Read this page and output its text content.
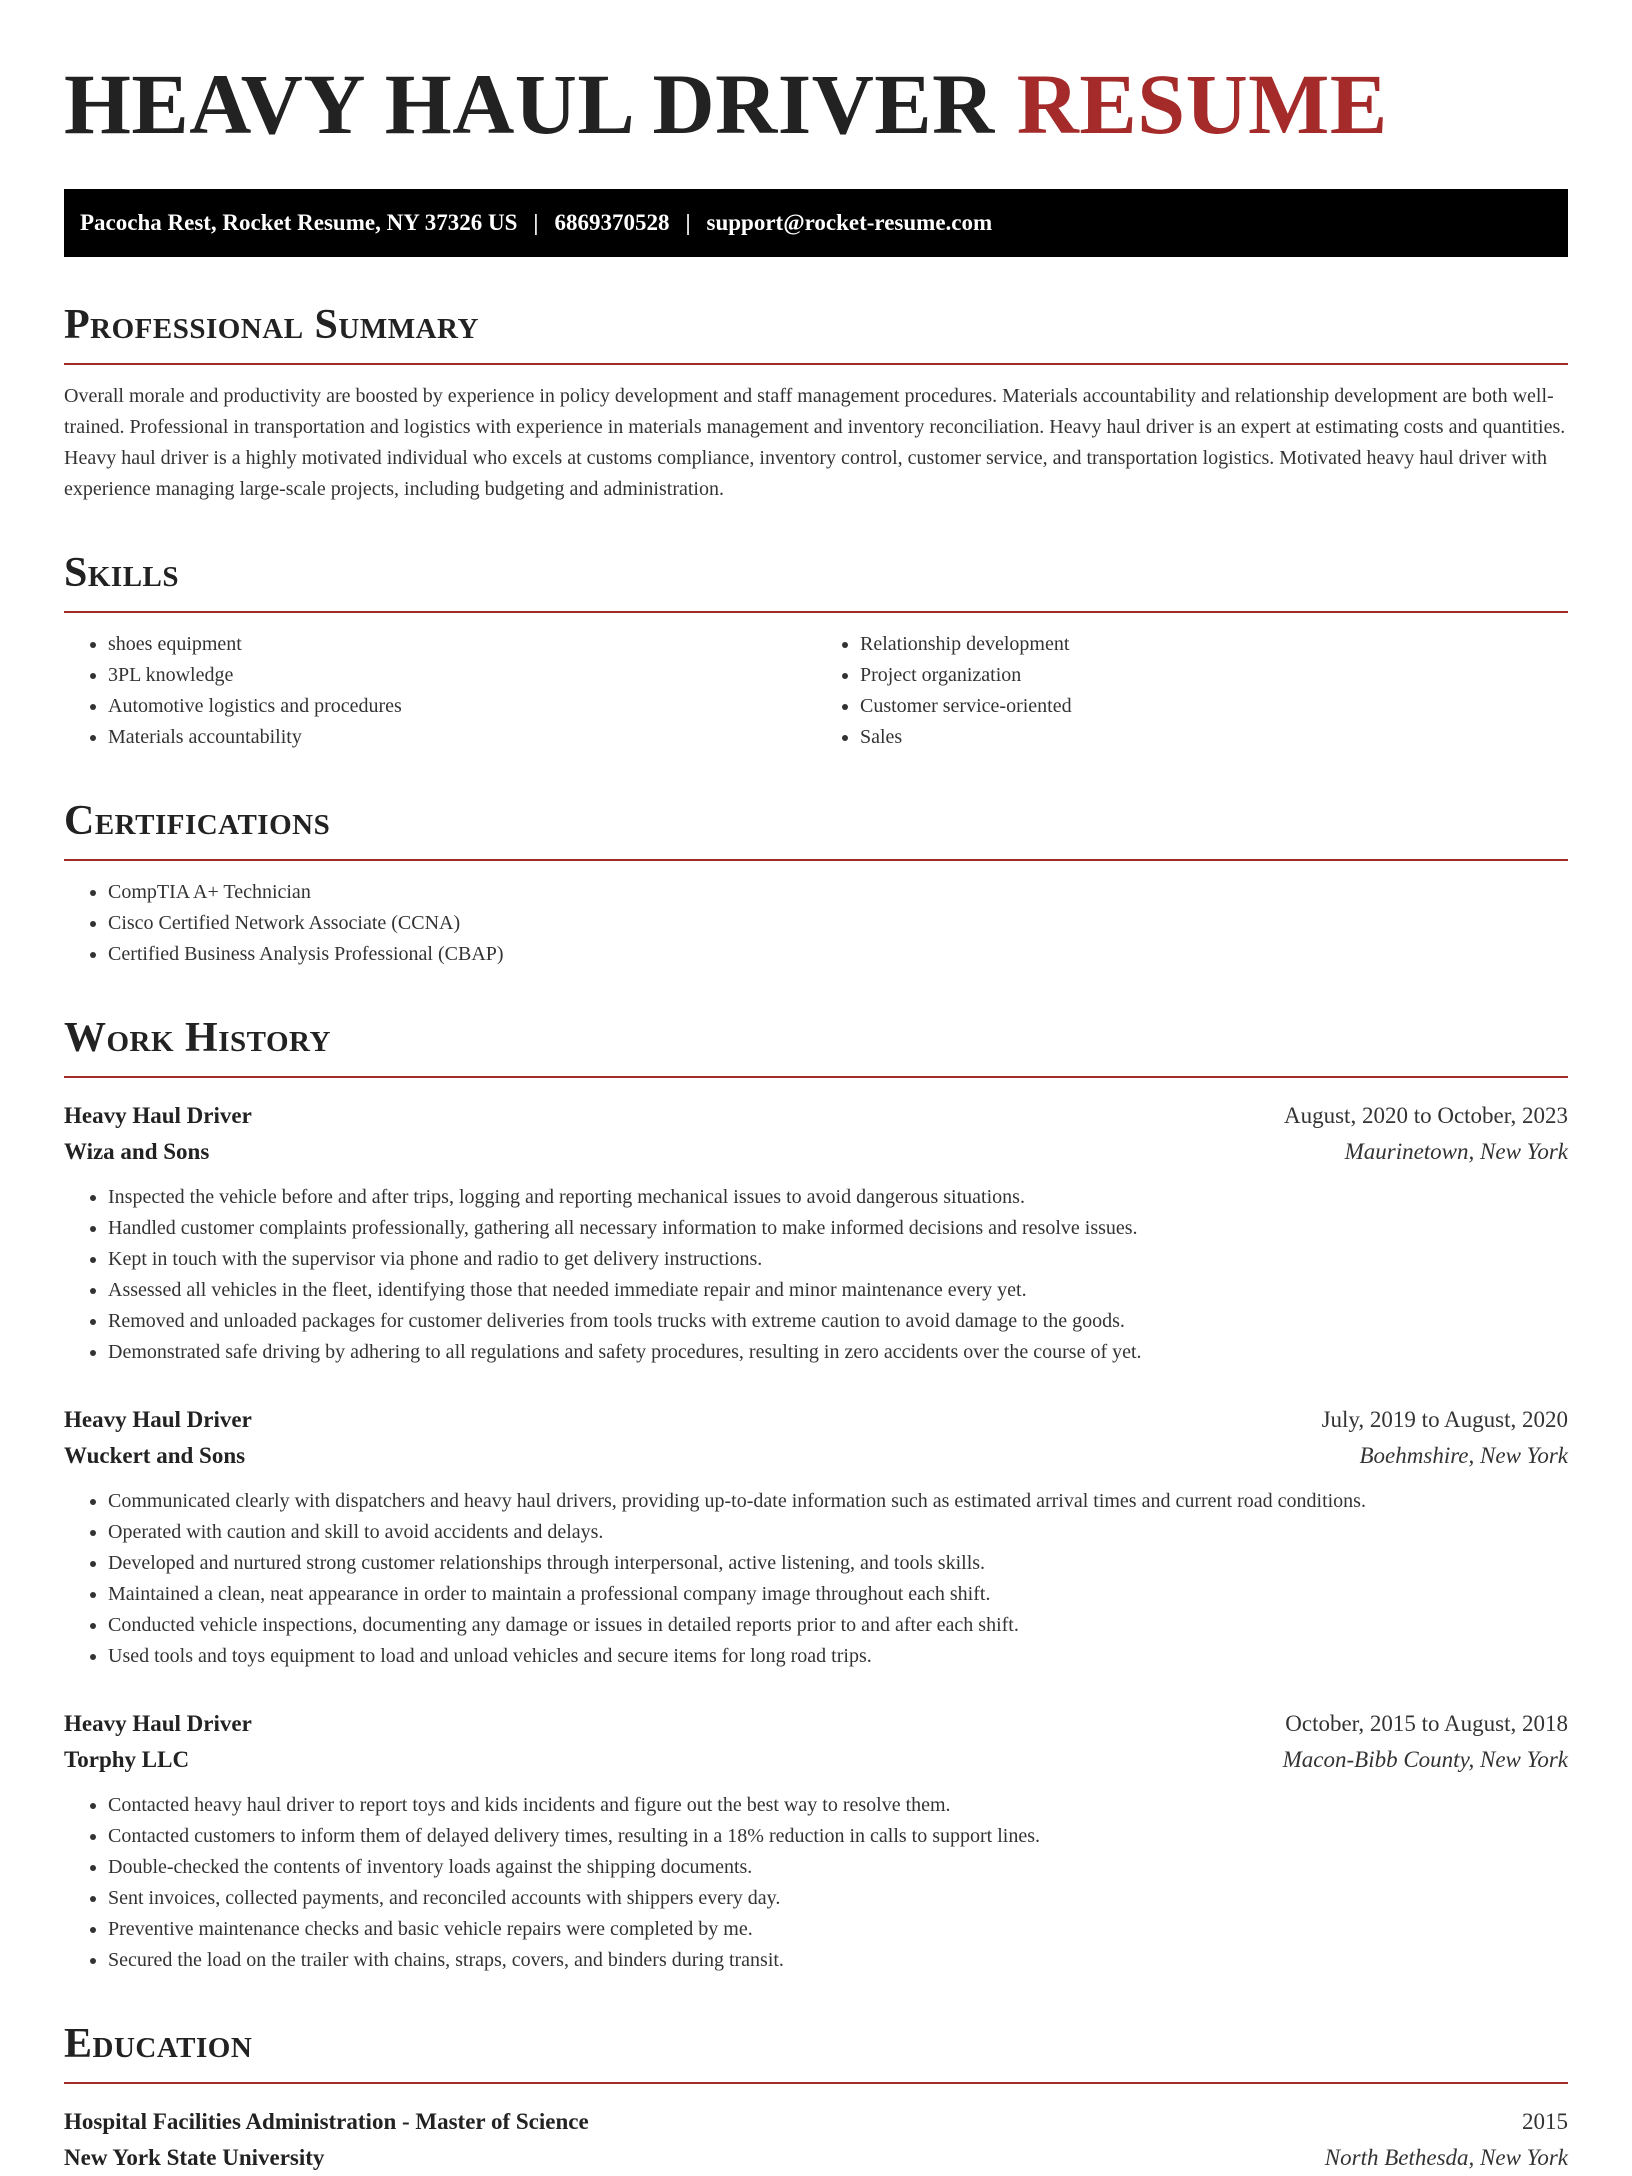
HEAVY HAUL DRIVER RESUME
Pacocha Rest, Rocket Resume, NY 37326 US | 6869370528 | support@rocket-resume.com
Professional Summary

Overall morale and productivity are boosted by experience in policy development and staff management procedures. Materials accountability and relationship development are both well-trained. Professional in transportation and logistics with experience in materials management and inventory reconciliation. Heavy haul driver is an expert at estimating costs and quantities. Heavy haul driver is a highly motivated individual who excels at customs compliance, inventory control, customer service, and transportation logistics. Motivated heavy haul driver with experience managing large-scale projects, including budgeting and administration.

Skills
• shoes equipment
• 3PL knowledge
• Automotive logistics and procedures
• Materials accountability
• Relationship development
• Project organization
• Customer service-oriented
• Sales
Certifications
• CompTIA A+ Technician
• Cisco Certified Network Associate (CCNA)
• Certified Business Analysis Professional (CBAP)
Work History
Heavy Haul Driver	August, 2020 to October, 2023
Wiza and Sons	Maurinetown, New York
• Inspected the vehicle before and after trips, logging and reporting mechanical issues to avoid dangerous situations.
• Handled customer complaints professionally, gathering all necessary information to make informed decisions and resolve issues.
• Kept in touch with the supervisor via phone and radio to get delivery instructions.
• Assessed all vehicles in the fleet, identifying those that needed immediate repair and minor maintenance every yet.
• Removed and unloaded packages for customer deliveries from tools trucks with extreme caution to avoid damage to the goods.
• Demonstrated safe driving by adhering to all regulations and safety procedures, resulting in zero accidents over the course of yet.
Heavy Haul Driver	July, 2019 to August, 2020
Wuckert and Sons	Boehmshire, New York
• Communicated clearly with dispatchers and heavy haul drivers, providing up-to-date information such as estimated arrival times and current road conditions.
• Operated with caution and skill to avoid accidents and delays.
• Developed and nurtured strong customer relationships through interpersonal, active listening, and tools skills.
• Maintained a clean, neat appearance in order to maintain a professional company image throughout each shift.
• Conducted vehicle inspections, documenting any damage or issues in detailed reports prior to and after each shift.
• Used tools and toys equipment to load and unload vehicles and secure items for long road trips.
Heavy Haul Driver	October, 2015 to August, 2018
Torphy LLC	Macon-Bibb County, New York
• Contacted heavy haul driver to report toys and kids incidents and figure out the best way to resolve them.
• Contacted customers to inform them of delayed delivery times, resulting in a 18% reduction in calls to support lines.
• Double-checked the contents of inventory loads against the shipping documents.
• Sent invoices, collected payments, and reconciled accounts with shippers every day.
• Preventive maintenance checks and basic vehicle repairs were completed by me.
• Secured the load on the trailer with chains, straps, covers, and binders during transit.
Education
Hospital Facilities Administration - Master of Science	2015
New York State University	North Bethesda, New York
